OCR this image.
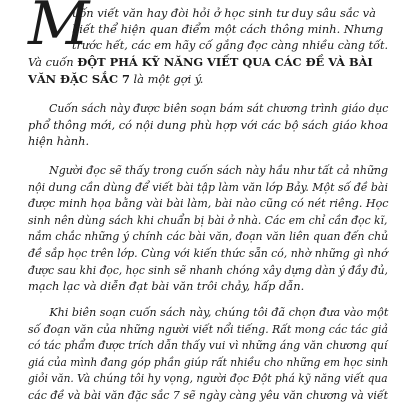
M
uốn viết văn hay đòi hỏi ở học sinh tư duy sâu sắc và
biết thể hiện quan điểm một cách thông minh. Nhưng
trước hết, các em hãy cố gắng đọc càng nhiều càng tốt.
Và cuốn ĐỘT PHÁ KỸ NĂNG VIẾT QUA CÁC ĐỀ VÀ BÀI
VĂN ĐẶC SẮC 7 là một gợi ý.

Cuốn sách này được biên soạn bám sát chương trình giáo dục

phổ thông mới, có nội dung phù hợp với các bộ sách giáo khoa

hiện hành.

Người đọc sẽ thấy trong cuốn sách này hầu như tất cả những

nội dung cần dùng để viết bài tập làm văn lớp Bảy. Một số đề bài

được minh họa bằng vài bài làm, bài nào cũng có nét riêng. Học

sinh nên dùng sách khi chuẩn bị bài ở nhà. Các em chỉ cần đọc kĩ,

nắm chắc những ý chính các bài văn, đoạn văn liên quan đến chủ

đề sắp học trên lớp. Cùng với kiến thức sẵn có, nhờ những gì nhớ

được sau khi đọc, học sinh sẽ nhanh chóng xây dựng dàn ý đầy đủ,

mạch lạc và diễn đạt bài văn trôi chảy, hấp dẫn.

Khi biên soạn cuốn sách này, chúng tôi đã chọn đưa vào một

số đoạn văn của những người viết nổi tiếng. Rất mong các tác giả

có tác phẩm được trích dẫn thấy vui vì những áng văn chương quí

giá của mình đang góp phần giúp rất nhiều cho những em học sinh

giỏi văn. Và chúng tôi hy vọng, người đọc Đột phá kỹ năng viết qua

các đề và bài văn đặc sắc 7 sẽ ngày càng yêu văn chương và viết
